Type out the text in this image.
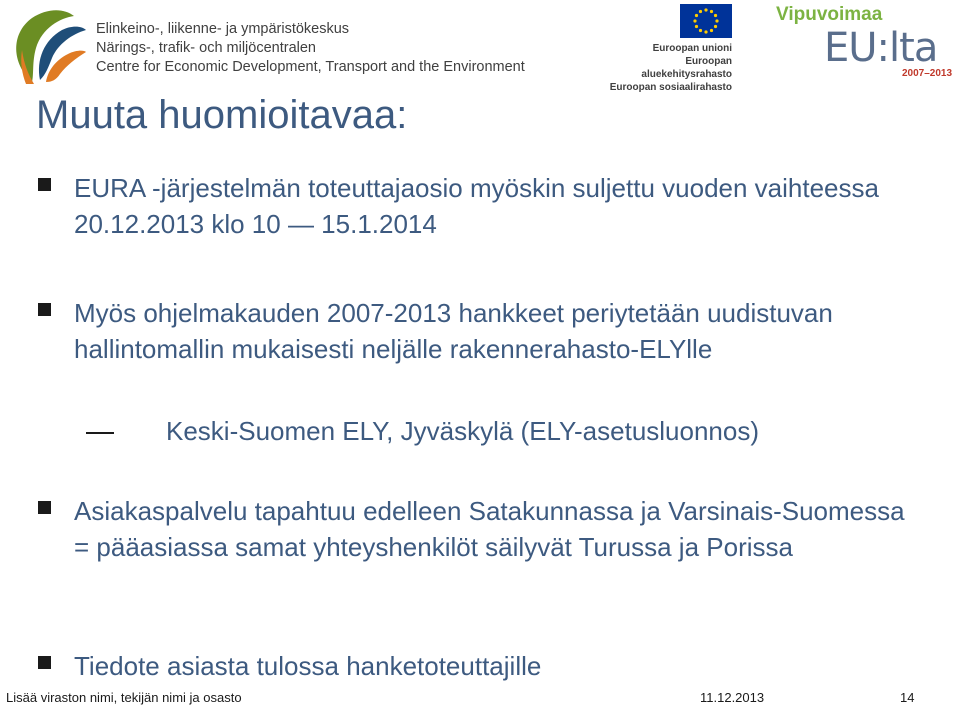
Elinkeino-, liikenne- ja ympäristökeskus
Närings-, trafik- och miljöcentralen
Centre for Economic Development, Transport and the Environment
Euroopan unioni
Euroopan aluekehitysrahasto
Euroopan sosiaalirahasto
Vipuvoimaa
EU:lta
2007–2013
Muuta huomioitavaa:
EURA -järjestelmän toteuttajaosio myöskin suljettu vuoden vaihteessa 20.12.2013 klo 10 — 15.1.2014
Myös ohjelmakauden 2007-2013 hankkeet periytetään uudistuvan hallintomallin mukaisesti neljälle rakennerahasto-ELYlle
Keski-Suomen ELY, Jyväskylä (ELY-asetusluonnos)
Asiakaspalvelu tapahtuu edelleen Satakunnassa ja Varsinais-Suomessa = pääasiassa samat yhteyshenkilöt säilyvät Turussa ja Porissa
Tiedote asiasta tulossa hanketoteuttajille
Lisää viraston nimi, tekijän nimi ja osasto	11.12.2013	14
